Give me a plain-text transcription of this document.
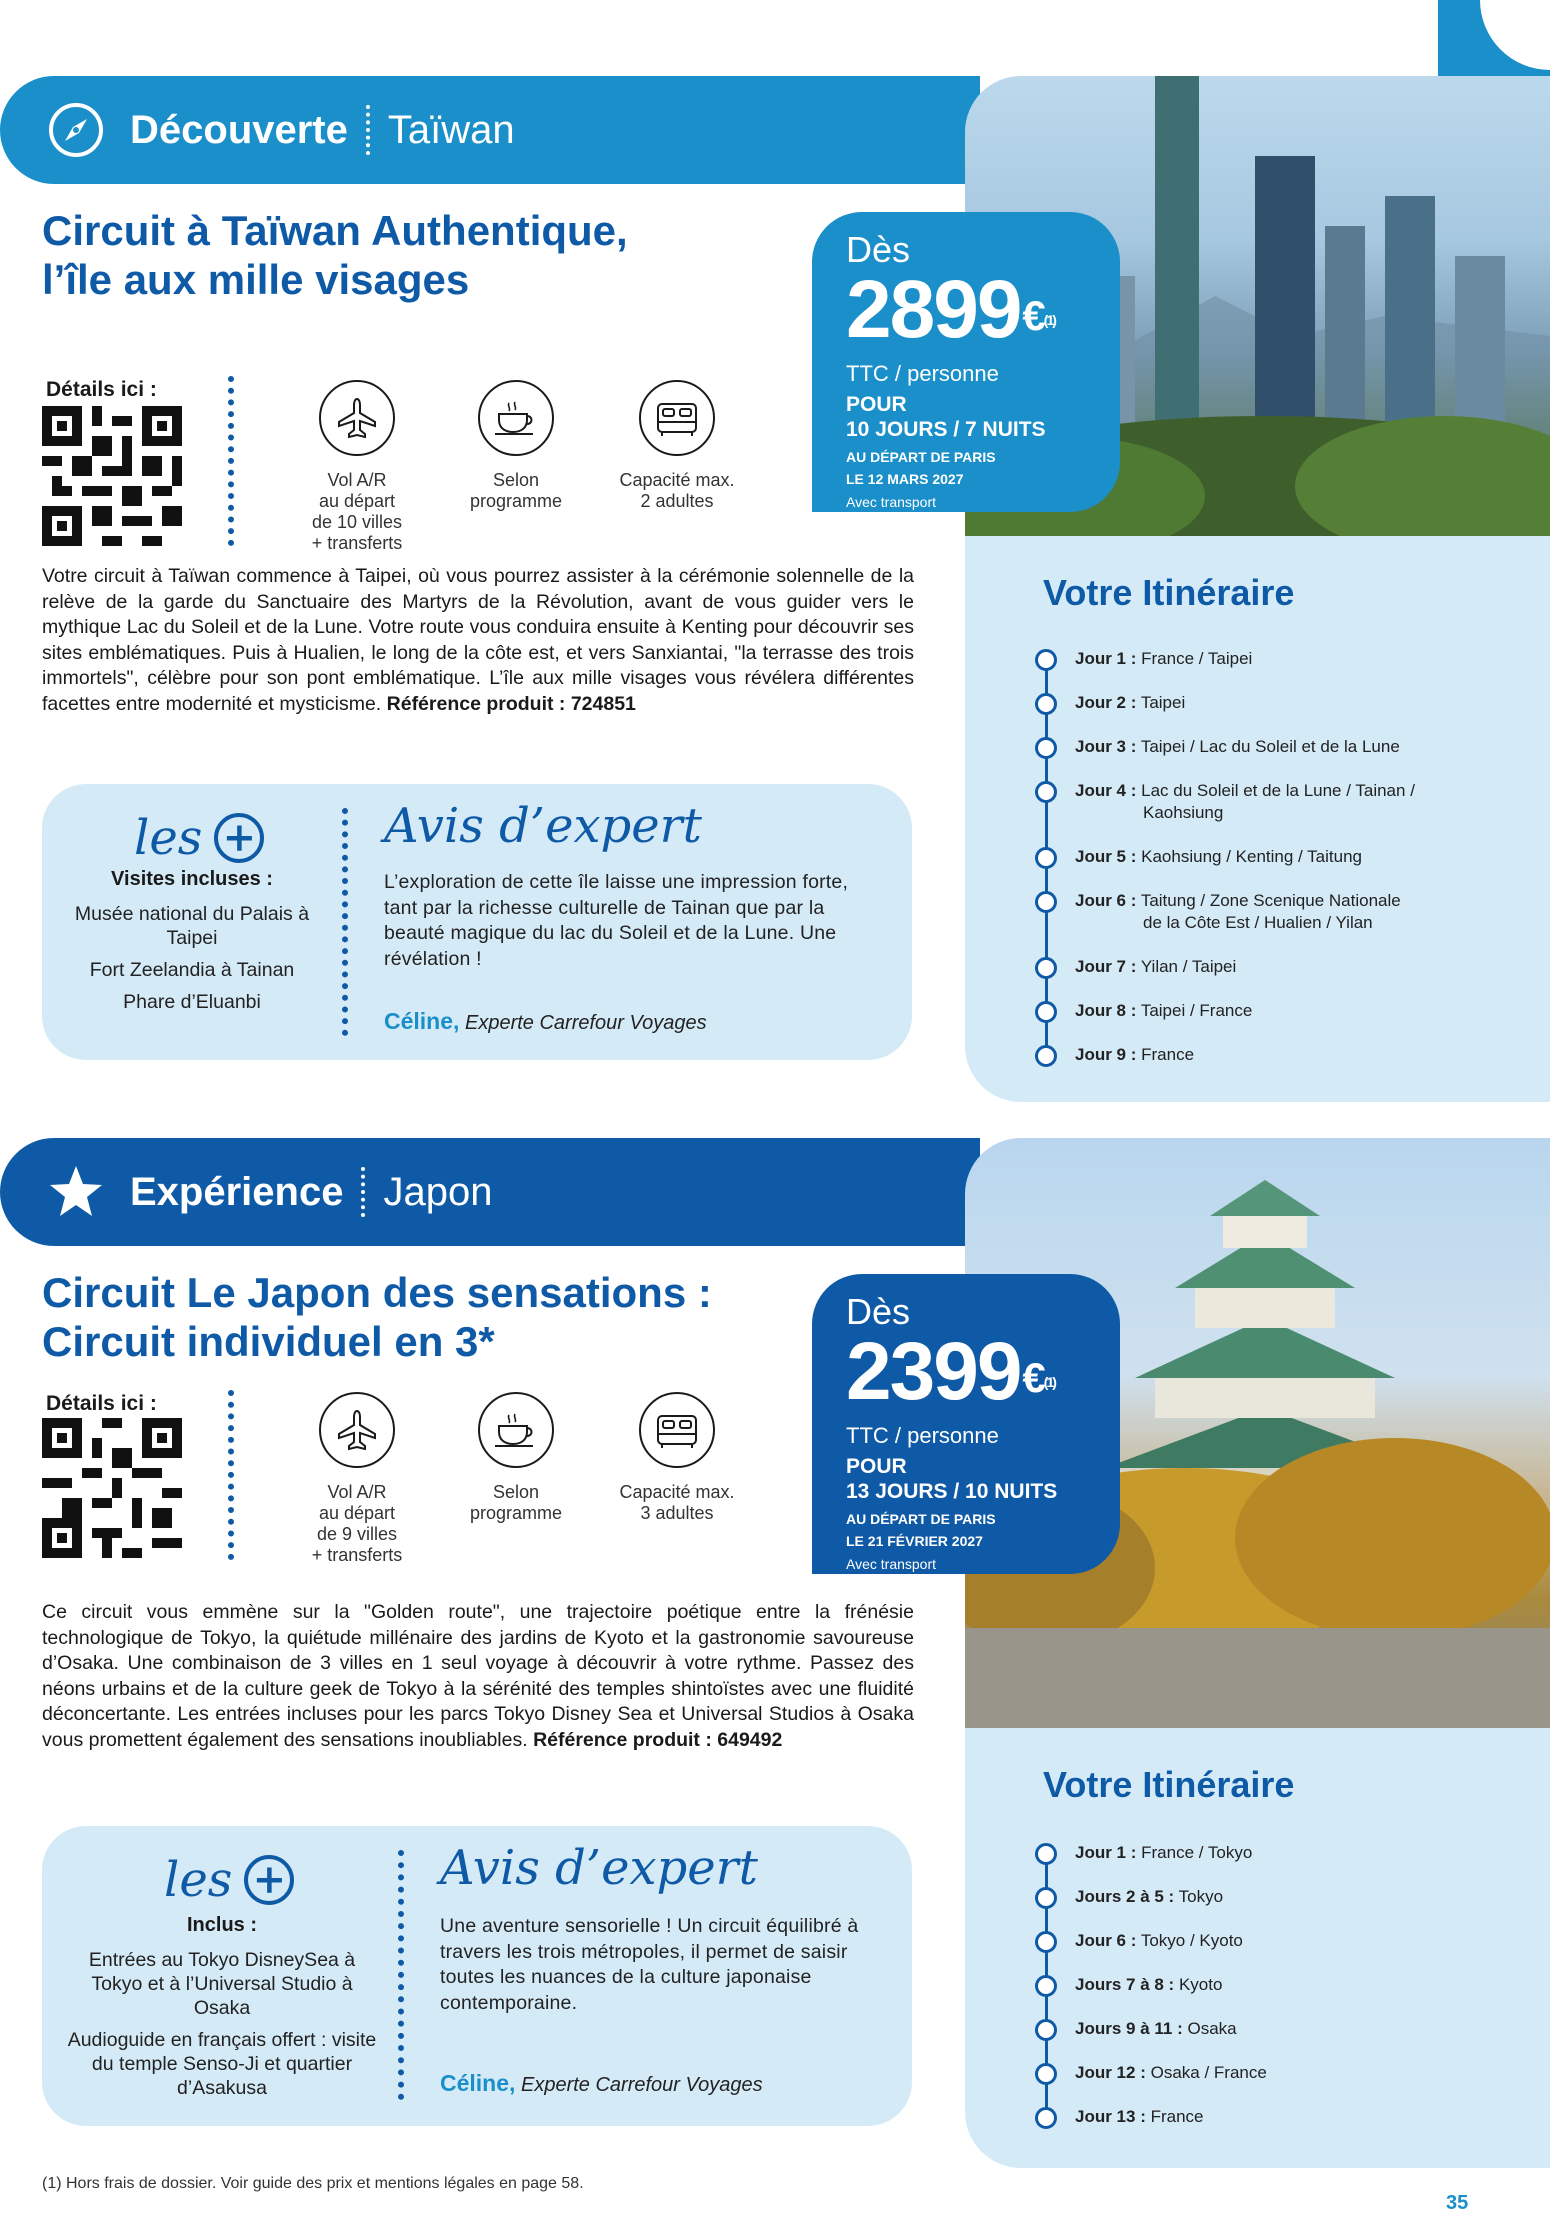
Découverte Taïwan
Circuit à Taïwan Authentique,
l’île aux mille visages
Dès
2899 € (1)
TTC / personne
POUR
10 JOURS / 7 NUITS
AU DÉPART DE PARIS
LE 12 MARS 2027
Avec transport
Détails ici :
Vol A/R
au départ
de 10 villes
+ transferts
Selon
programme
Capacité max.
2 adultes
Votre circuit à Taïwan commence à Taipei, où vous pourrez assister à la cérémonie solennelle de la relève de la garde du Sanctuaire des Martyrs de la Révolution, avant de vous guider vers le mythique Lac du Soleil et de la Lune. Votre route vous conduira ensuite à Kenting pour découvrir ses sites emblématiques. Puis à Hualien, le long de la côte est, et vers Sanxiantai, "la terrasse des trois immortels", célèbre pour son pont emblématique. L’île aux mille visages vous révélera différentes facettes entre modernité et mysticisme. Référence produit : 724851
les +
Visites incluses :
Musée national du Palais à Taipei
Fort Zeelandia à Tainan
Phare d’Eluanbi
Avis d’expert
L’exploration de cette île laisse une impression forte, tant par la richesse culturelle de Tainan que par la beauté magique du lac du Soleil et de la Lune. Une révélation !
Céline, Experte Carrefour Voyages
Votre Itinéraire
Jour 1 : France / Taipei
Jour 2 : Taipei
Jour 3 : Taipei / Lac du Soleil et de la Lune
Jour 4 : Lac du Soleil et de la Lune / Tainan /
Kaohsiung
Jour 5 : Kaohsiung / Kenting / Taitung
Jour 6 : Taitung / Zone Scenique Nationale
de la Côte Est / Hualien / Yilan
Jour 7 : Yilan / Taipei
Jour 8 : Taipei / France
Jour 9 : France
Expérience Japon
Circuit Le Japon des sensations :
Circuit individuel en 3*
Dès
2399 € (1)
TTC / personne
POUR
13 JOURS / 10 NUITS
AU DÉPART DE PARIS
LE 21 FÉVRIER 2027
Avec transport
Détails ici :
Vol A/R
au départ
de 9 villes
+ transferts
Selon
programme
Capacité max.
3 adultes
Ce circuit vous emmène sur la "Golden route", une trajectoire poétique entre la frénésie technologique de Tokyo, la quiétude millénaire des jardins de Kyoto et la gastronomie savoureuse d’Osaka. Une combinaison de 3 villes en 1 seul voyage à découvrir à votre rythme. Passez des néons urbains et de la culture geek de Tokyo à la sérénité des temples shintoïstes avec une fluidité déconcertante. Les entrées incluses pour les parcs Tokyo Disney Sea et Universal Studios à Osaka vous promettent également des sensations inoubliables. Référence produit : 649492
les +
Inclus :
Entrées au Tokyo DisneySea à Tokyo et à l’Universal Studio à Osaka
Audioguide en français offert : visite du temple Senso-Ji et quartier d’Asakusa
Avis d’expert
Une aventure sensorielle ! Un circuit équilibré à travers les trois métropoles, il permet de saisir toutes les nuances de la culture japonaise contemporaine.
Céline, Experte Carrefour Voyages
Votre Itinéraire
Jour 1 : France / Tokyo
Jours 2 à 5 : Tokyo
Jour 6 : Tokyo / Kyoto
Jours 7 à 8 : Kyoto
Jours 9 à 11 : Osaka
Jour 12 : Osaka / France
Jour 13 : France
(1) Hors frais de dossier. Voir guide des prix et mentions légales en page 58.
35
